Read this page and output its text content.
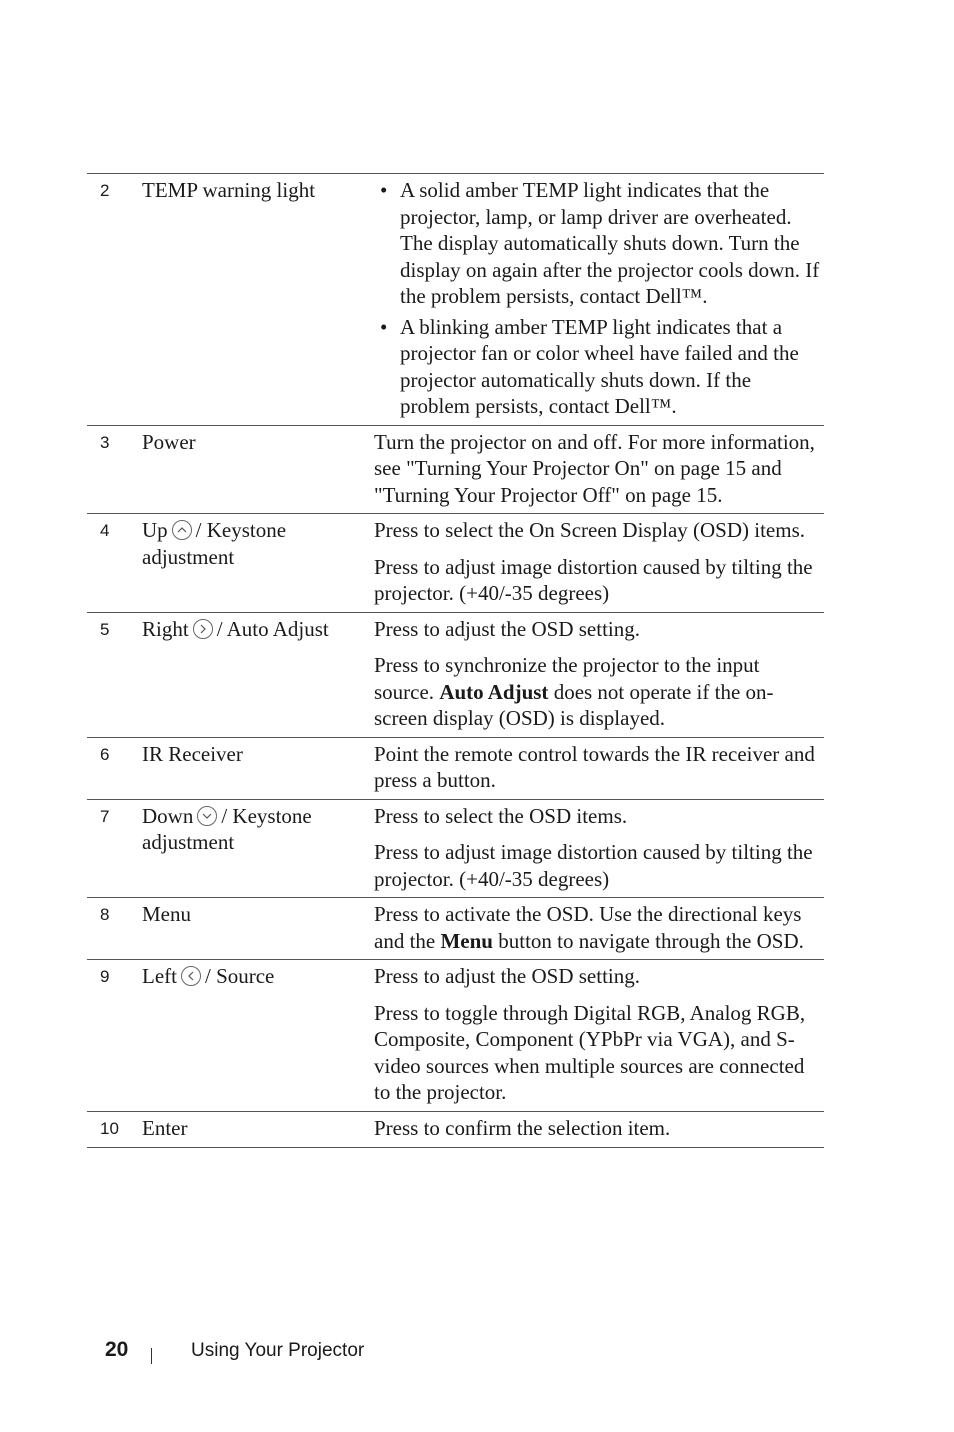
2	TEMP warning light
•	A solid amber TEMP light indicates that the projector, lamp, or lamp driver are overheated. The display automatically shuts down. Turn the display on again after the projector cools down. If the problem persists, contact Dell™.
• A blinking amber TEMP light indicates that a projector fan or color wheel have failed and the projector automatically shuts down. If the problem persists, contact Dell™.
3	Power	Turn the projector on and off. For more information, see "Turning Your Projector On" on page 15 and "Turning Your Projector Off" on page 15.

4	Up / Keystone adjustment

Press to select the On Screen Display (OSD) items.

Press to adjust image distortion caused by tilting the projector. (+40/-35 degrees)

5	Right / Auto Adjust	Press to adjust the OSD setting.

Press to synchronize the projector to the input source. Auto Adjust does not operate if the on-screen display (OSD) is displayed.

6	IR Receiver	Point the remote control towards the IR receiver and press a button.

7	Down / Keystone adjustment

Press to select the OSD items.

Press to adjust image distortion caused by tilting the projector. (+40/-35 degrees)

8	Menu	Press to activate the OSD. Use the directional keys and the Menu button to navigate through the OSD.

9	Left / Source	Press to adjust the OSD setting.

Press to toggle through Digital RGB, Analog RGB, Composite, Component (YPbPr via VGA), and S-video sources when multiple sources are connected to the projector.

10	Enter	Press to confirm the selection item.

20	Using Your Projector
